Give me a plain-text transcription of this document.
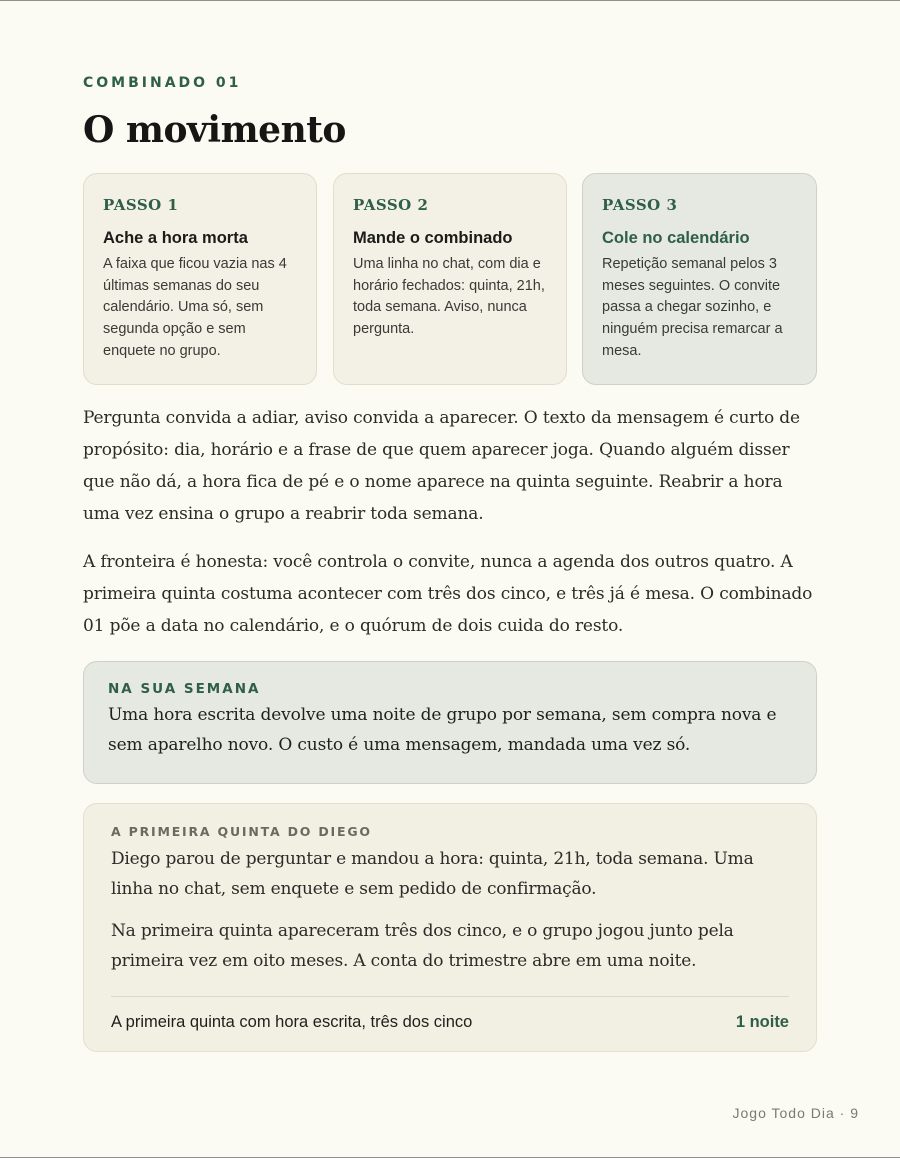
COMBINADO 01
O movimento
PASSO 1
Ache a hora morta
A faixa que ficou vazia nas 4 últimas semanas do seu calendário. Uma só, sem segunda opção e sem enquete no grupo.
PASSO 2
Mande o combinado
Uma linha no chat, com dia e horário fechados: quinta, 21h, toda semana. Aviso, nunca pergunta.
PASSO 3
Cole no calendário
Repetição semanal pelos 3 meses seguintes. O convite passa a chegar sozinho, e ninguém precisa remarcar a mesa.

Pergunta convida a adiar, aviso convida a aparecer. O texto da mensagem é curto de propósito: dia, horário e a frase de que quem aparecer joga. Quando alguém disser que não dá, a hora fica de pé e o nome aparece na quinta seguinte. Reabrir a hora uma vez ensina o grupo a reabrir toda semana.

A fronteira é honesta: você controla o convite, nunca a agenda dos outros quatro. A primeira quinta costuma acontecer com três dos cinco, e três já é mesa. O combinado 01 põe a data no calendário, e o quórum de dois cuida do resto.

NA SUA SEMANA
Uma hora escrita devolve uma noite de grupo por semana, sem compra nova e sem aparelho novo. O custo é uma mensagem, mandada uma vez só.
A PRIMEIRA QUINTA DO DIEGO

Diego parou de perguntar e mandou a hora: quinta, 21h, toda semana. Uma linha no chat, sem enquete e sem pedido de confirmação.

Na primeira quinta apareceram três dos cinco, e o grupo jogou junto pela primeira vez em oito meses. A conta do trimestre abre em uma noite.

A primeira quinta com hora escrita, três dos cinco	1 noite
Jogo Todo Dia · 9
